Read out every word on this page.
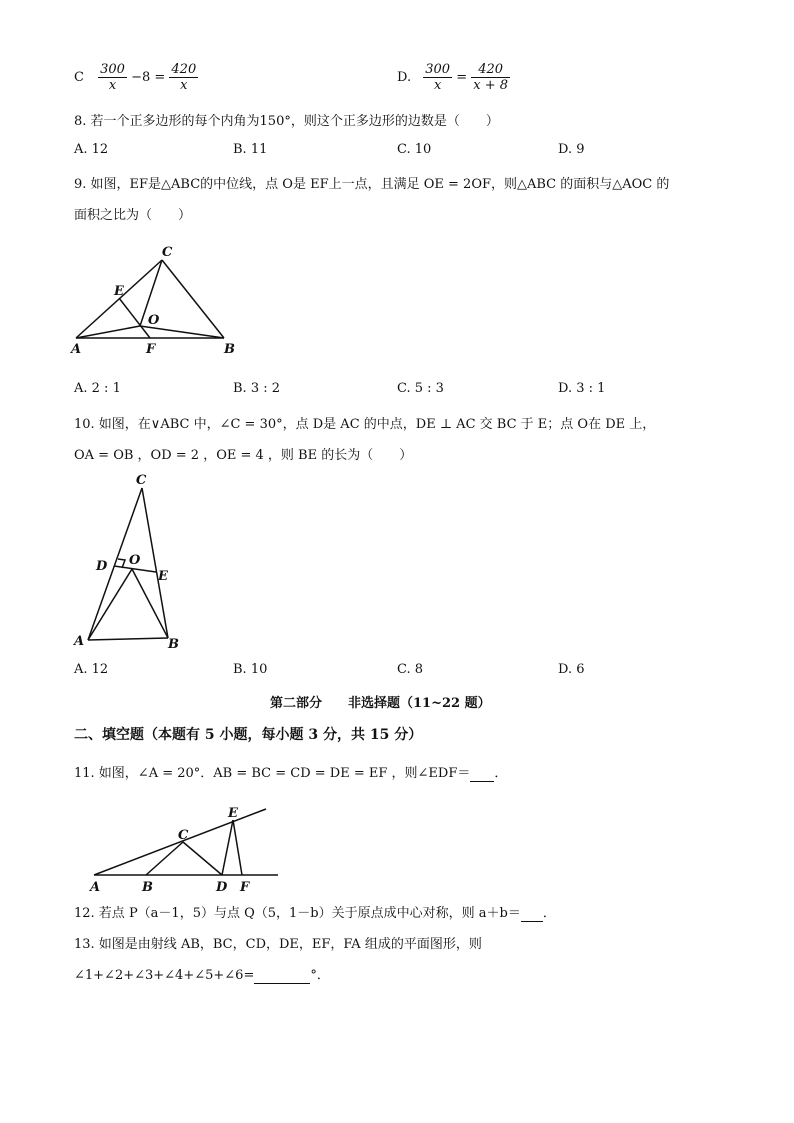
C $\frac{300}{x} -8 = \frac{420}{x}$	D. $\frac{300}{x} = \frac{420}{x + 8}$
8. 若一个正多边形的每个内角为150°，则这个正多边形的边数是（　　）
A. 12	B. 11	C. 10	D. 9
9. 如图，EF是△ABC的中位线，点 O是 EF上一点，且满足 OE = 2OF，则△ABC 的面积与△AOC 的
面积之比为（　　）
C
E
O
A	F	B
A. 2 : 1	B. 3 : 2	C. 5 : 3	D. 3 : 1
10. 如图，在∨ABC 中，∠C = 30°，点 D是 AC 的中点，DE ⊥ AC 交 BC 于 E；点 O在 DE 上，
OA = OB ，OD = 2 ，OE = 4 ，则 BE 的长为（　　）
C
D O
E
A	B
A. 12	B. 10	C. 8	D. 6
第二部分　　非选择题（11~22 题）
二、填空题（本题有 5 小题，每小题 3 分，共 15 分）
11. 如图，∠A = 20°．AB = BC = CD = DE = EF ，则∠EDF＝ ．
A	B
C
D
E
F
12. 若点 P（a－1，5）与点 Q（5，1－b）关于原点成中心对称，则 a＋b＝ ．
13. 如图是由射线 AB，BC，CD，DE，EF，FA 组成的平面图形，则
∠1+∠2+∠3+∠4+∠5+∠6=	°．
